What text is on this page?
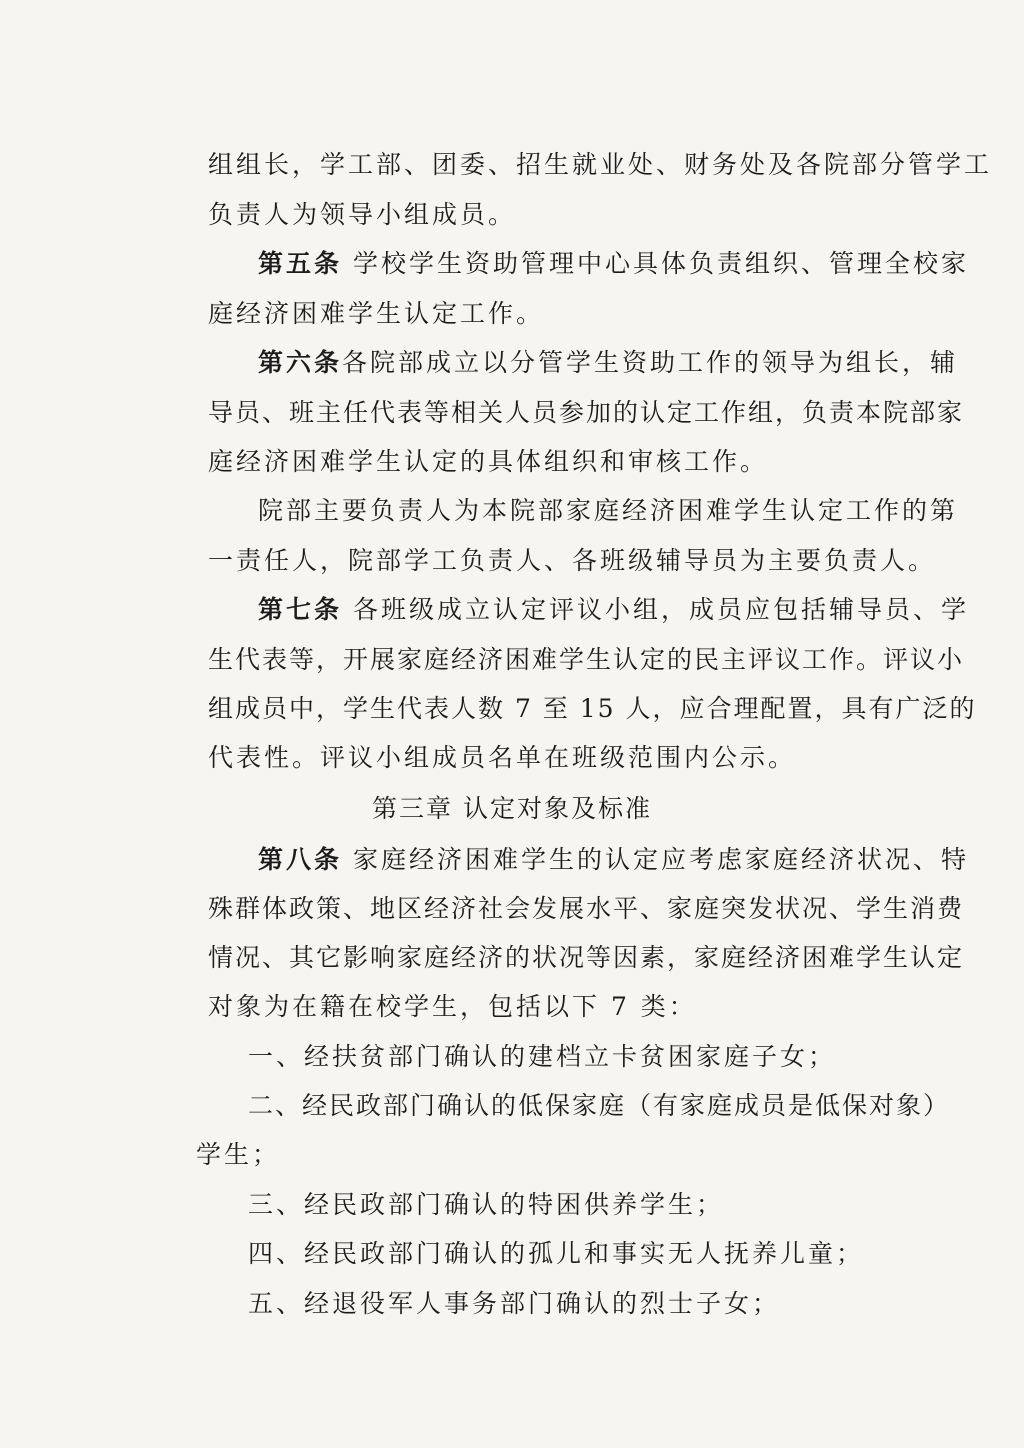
组组长，学工部、团委、招生就业处、财务处及各院部分管学工
负责人为领导小组成员。
第五条 学校学生资助管理中心具体负责组织、管理全校家
庭经济困难学生认定工作。
第六条各院部成立以分管学生资助工作的领导为组长，辅
导员、班主任代表等相关人员参加的认定工作组，负责本院部家
庭经济困难学生认定的具体组织和审核工作。
院部主要负责人为本院部家庭经济困难学生认定工作的第
一责任人，院部学工负责人、各班级辅导员为主要负责人。
第七条 各班级成立认定评议小组，成员应包括辅导员、学
生代表等，开展家庭经济困难学生认定的民主评议工作。评议小
组成员中，学生代表人数 7 至 15 人，应合理配置，具有广泛的
代表性。评议小组成员名单在班级范围内公示。
第三章 认定对象及标准
第八条 家庭经济困难学生的认定应考虑家庭经济状况、特
殊群体政策、地区经济社会发展水平、家庭突发状况、学生消费
情况、其它影响家庭经济的状况等因素，家庭经济困难学生认定
对象为在籍在校学生，包括以下 7 类：
一、经扶贫部门确认的建档立卡贫困家庭子女；
二、经民政部门确认的低保家庭（有家庭成员是低保对象）
学生；
三、经民政部门确认的特困供养学生；
四、经民政部门确认的孤儿和事实无人抚养儿童；
五、经退役军人事务部门确认的烈士子女；
